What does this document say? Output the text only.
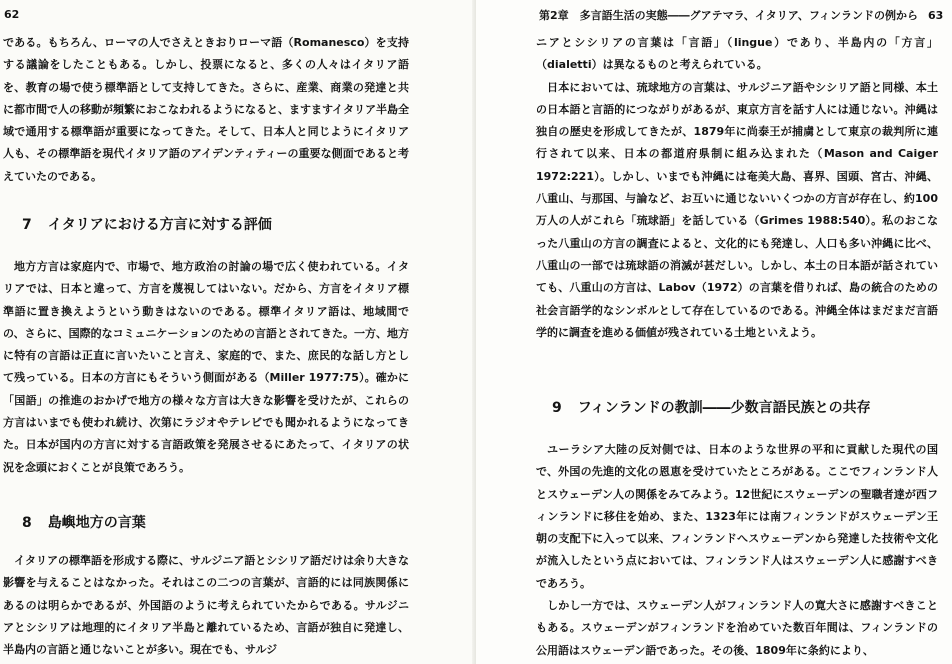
62

である。もちろん、ローマの人でさえときおりローマ語（Romanesco）を支持する議論をしたこともある。しかし、投票になると、多くの人々はイタリア語を、教育の場で使う標準語として支持してきた。さらに、産業、商業の発達と共に都市間で人の移動が頻繁におこなわれるようになると、ますますイタリア半島全域で通用する標準語が重要になってきた。そして、日本人と同じようにイタリア人も、その標準語を現代イタリア語のアイデンティティーの重要な側面であると考えていたのである。

7 イタリアにおける方言に対する評価

地方方言は家庭内で、市場で、地方政治の討論の場で広く使われている。イタリアでは、日本と違って、方言を蔑視してはいない。だから、方言をイタリア標準語に置き換えようという動きはないのである。標準イタリア語は、地域間での、さらに、国際的なコミュニケーションのための言語とされてきた。一方、地方に特有の言語は正直に言いたいこと言え、家庭的で、また、庶民的な話し方として残っている。日本の方言にもそういう側面がある（Miller 1977:75）。確かに「国語」の推進のおかげで地方の様々な方言は大きな影響を受けたが、これらの方言はいまでも使われ続け、次第にラジオやテレビでも聞かれるようになってきた。日本が国内の方言に対する言語政策を発展させるにあたって、イタリアの状況を念頭におくことが良策であろう。

8 島嶼地方の言葉

イタリアの標準語を形成する際に、サルジニア語とシシリア語だけは余り大きな影響を与えることはなかった。それはこの二つの言葉が、言語的には同族関係にあるのは明らかであるが、外国語のように考えられていたからである。サルジニアとシシリアは地理的にイタリア半島と離れているため、言語が独自に発達し、半島内の言語と通じないことが多い。現在でも、サルジ

第2章　多言語生活の実態――グアテマラ、イタリア、フィンランドの例から 63

ニアとシシリアの言葉は「言語」（lingue）であり、半島内の「方言」（dialetti）は異なるものと考えられている。

日本においては、琉球地方の言葉は、サルジニア語やシシリア語と同様、本土の日本語と言語的につながりがあるが、東京方言を話す人には通じない。沖縄は独自の歴史を形成してきたが、1879年に尚泰王が捕虜として東京の裁判所に連行されて以来、日本の都道府県制に組み込まれた（Mason and Caiger 1972:221）。しかし、いまでも沖縄には奄美大島、喜界、国頭、宮古、沖縄、八重山、与那国、与論など、お互いに通じないいくつかの方言が存在し、約100 万人の人がこれら「琉球語」を話している（Grimes 1988:540）。私のおこなった八重山の方言の調査によると、文化的にも発達し、人口も多い沖縄に比べ、八重山の一部では琉球語の消滅が甚だしい。しかし、本土の日本語が話されていても、八重山の方言は、Labov（1972）の言葉を借りれば、島の統合のための社会言語学的なシンボルとして存在しているのである。沖縄全体はまだまだ言語学的に調査を進める価値が残されている土地といえよう。

9 フィンランドの教訓――少数言語民族との共存

ユーラシア大陸の反対側では、日本のような世界の平和に貢献した現代の国で、外国の先進的文化の恩恵を受けていたところがある。ここでフィンランド人とスウェーデン人の関係をみてみよう。12世紀にスウェーデンの聖職者達が西フィンランドに移住を始め、また、1323年には南フィンランドがスウェーデン王朝の支配下に入って以来、フィンランドへスウェーデンから発達した技術や文化が流入したという点においては、フィンランド人はスウェーデン人に感謝すべきであろう。

しかし一方では、スウェーデン人がフィンランド人の寛大さに感謝すべきこともある。スウェーデンがフィンランドを治めていた数百年間は、フィンランドの公用語はスウェーデン語であった。その後、1809年に条約により、
